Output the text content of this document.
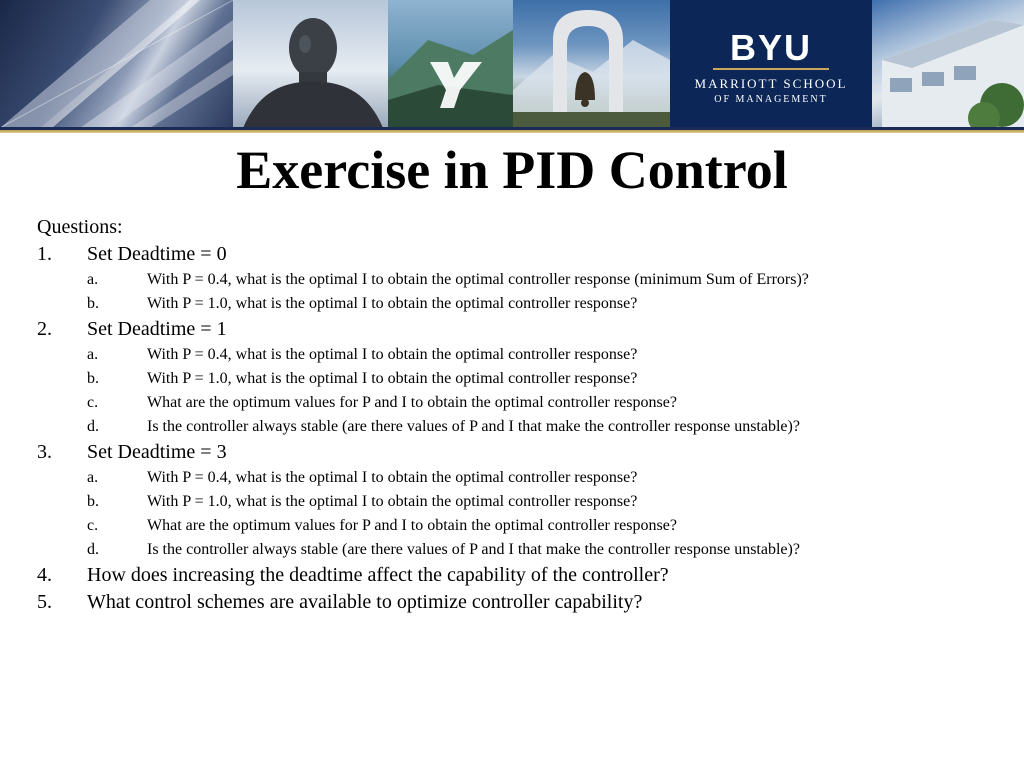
BYU
MARRIOTT SCHOOL
OF MANAGEMENT
Exercise in PID Control
Questions:
1. Set Deadtime = 0
a.	With P = 0.4, what is the optimal I to obtain the optimal controller response (minimum Sum of Errors)?
b.	With P = 1.0, what is the optimal I to obtain the optimal controller response?
2. Set Deadtime = 1
a.	With P = 0.4, what is the optimal I to obtain the optimal controller response?
b.	With P = 1.0, what is the optimal I to obtain the optimal controller response?
c.	What are the optimum values for P and I to obtain the optimal controller response?
d.	Is the controller always stable (are there values of P and I that make the controller response unstable)?
3. Set Deadtime = 3
a.	With P = 0.4, what is the optimal I to obtain the optimal controller response?
b.	With P = 1.0, what is the optimal I to obtain the optimal controller response?
c.	What are the optimum values for P and I to obtain the optimal controller response?
d.	Is the controller always stable (are there values of P and I that make the controller response unstable)?
4. How does increasing the deadtime affect the capability of the controller?
5. What control schemes are available to optimize controller capability?
